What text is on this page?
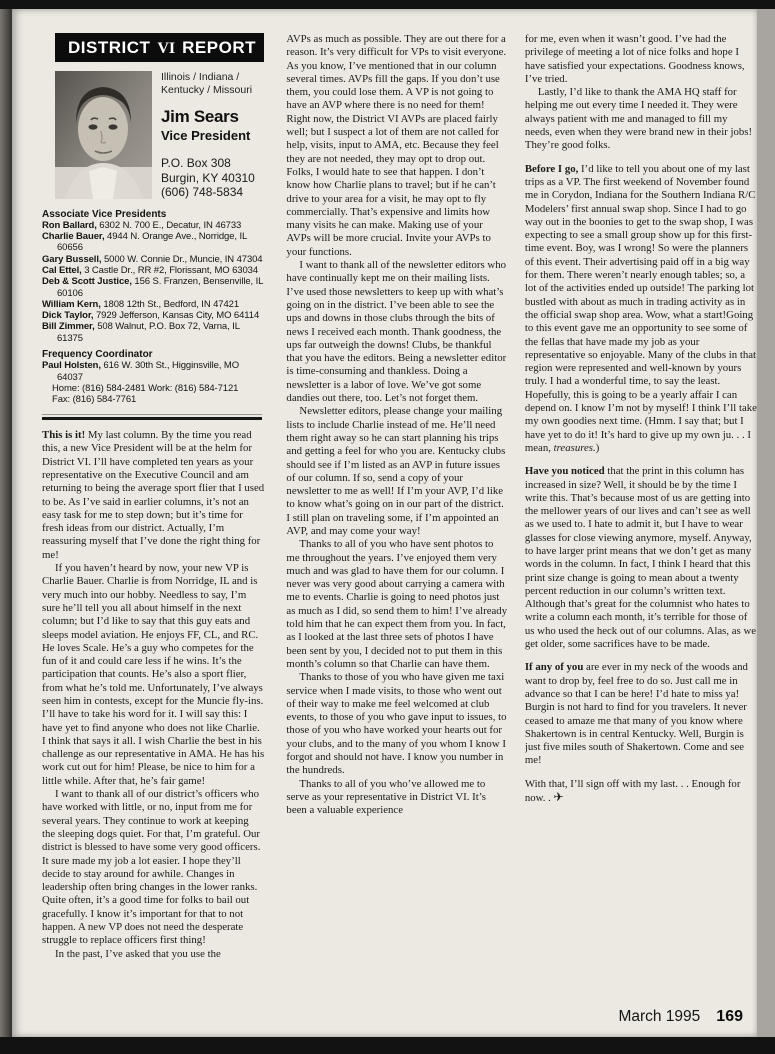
DISTRICT VI REPORT
Illinois / Indiana / Kentucky / Missouri
Jim Sears
Vice President
P.O. Box 308
Burgin, KY 40310
(606) 748-5834
Associate Vice Presidents
Ron Ballard, 6302 N. 700 E., Decatur, IN 46733
Charlie Bauer, 4944 N. Orange Ave., Norridge, IL 60656
Gary Bussell, 5000 W. Connie Dr., Muncie, IN 47304
Cal Ettel, 3 Castle Dr., RR #2, Florissant, MO 63034
Deb & Scott Justice, 156 S. Franzen, Bensenville, IL 60106
William Kern, 1808 12th St., Bedford, IN 47421
Dick Taylor, 7929 Jefferson, Kansas City, MO 64114
Bill Zimmer, 508 Walnut, P.O. Box 72, Varna, IL 61375
Frequency Coordinator
Paul Holsten, 616 W. 30th St., Higginsville, MO 64037
Home: (816) 584-2481 Work: (816) 584-7121
Fax: (816) 584-7761

This is it! My last column. By the time you read this, a new Vice President will be at the helm for District VI. I’ll have completed ten years as your representative on the Executive Council and am returning to being the average sport flier that I used to be. As I’ve said in earlier columns, it’s not an easy task for me to step down; but it’s time for fresh ideas from our district. Actually, I’m reassuring myself that I’ve done the right thing for me!

If you haven’t heard by now, your new VP is Charlie Bauer. Charlie is from Norridge, IL and is very much into our hobby. Needless to say, I’m sure he’ll tell you all about himself in the next column; but I’d like to say that this guy eats and sleeps model aviation. He enjoys FF, CL, and RC. He loves Scale. He’s a guy who competes for the fun of it and could care less if he wins. It’s the participation that counts. He’s also a sport flier, from what he’s told me. Unfortunately, I’ve always seen him in contests, except for the Muncie fly-ins. I’ll have to take his word for it. I will say this: I have yet to find anyone who does not like Charlie. I think that says it all. I wish Charlie the best in his challenge as our representative in AMA. He has his work cut out for him! Please, be nice to him for a little while. After that, he’s fair game!

I want to thank all of our district’s officers who have worked with little, or no, input from me for several years. They continue to work at keeping the sleeping dogs quiet. For that, I’m grateful. Our district is blessed to have some very good officers. It sure made my job a lot easier. I hope they’ll decide to stay around for awhile. Changes in leadership often bring changes in the lower ranks. Quite often, it’s a good time for folks to bail out gracefully. I know it’s important for that to not happen. A new VP does not need the desperate struggle to replace officers first thing!

In the past, I’ve asked that you use the

AVPs as much as possible. They are out there for a reason. It’s very difficult for VPs to visit everyone. As you know, I’ve mentioned that in our column several times. AVPs fill the gaps. If you don’t use them, you could lose them. A VP is not going to have an AVP where there is no need for them! Right now, the District VI AVPs are placed fairly well; but I suspect a lot of them are not called for help, visits, input to AMA, etc. Because they feel they are not needed, they may opt to drop out. Folks, I would hate to see that happen. I don’t know how Charlie plans to travel; but if he can’t drive to your area for a visit, he may opt to fly commercially. That’s expensive and limits how many visits he can make. Making use of your AVPs will be more crucial. Invite your AVPs to your functions.

I want to thank all of the newsletter editors who have continually kept me on their mailing lists. I’ve used those newsletters to keep up with what’s going on in the district. I’ve been able to see the ups and downs in those clubs through the bits of news I received each month. Thank goodness, the ups far outweigh the downs! Clubs, be thankful that you have the editors. Being a newsletter editor is time-consuming and thankless. Doing a newsletter is a labor of love. We’ve got some dandies out there, too. Let’s not forget them.

Newsletter editors, please change your mailing lists to include Charlie instead of me. He’ll need them right away so he can start planning his trips and getting a feel for who you are. Kentucky clubs should see if I’m listed as an AVP in future issues of our column. If so, send a copy of your newsletter to me as well! If I’m your AVP, I’d like to know what’s going on in our part of the district. I still plan on traveling some, if I’m appointed an AVP, and may come your way!

Thanks to all of you who have sent photos to me throughout the years. I’ve enjoyed them very much and was glad to have them for our column. I never was very good about carrying a camera with me to events. Charlie is going to need photos just as much as I did, so send them to him! I’ve already told him that he can expect them from you. In fact, as I looked at the last three sets of photos I have been sent by you, I decided not to put them in this month’s column so that Charlie can have them.

Thanks to those of you who have given me taxi service when I made visits, to those who went out of their way to make me feel welcomed at club events, to those of you who gave input to issues, to those of you who have worked your hearts out for your clubs, and to the many of you whom I know I forgot and should not have. I know you number in the hundreds.

Thanks to all of you who’ve allowed me to serve as your representative in District VI. It’s been a valuable experience

for me, even when it wasn’t good. I’ve had the privilege of meeting a lot of nice folks and hope I have satisfied your expectations. Goodness knows, I’ve tried.

Lastly, I’d like to thank the AMA HQ staff for helping me out every time I needed it. They were always patient with me and managed to fill my needs, even when they were brand new in their jobs! They’re good folks.

Before I go, I’d like to tell you about one of my last trips as a VP. The first weekend of November found me in Corydon, Indiana for the Southern Indiana R/C Modelers’ first annual swap shop. Since I had to go way out in the boonies to get to the swap shop, I was expecting to see a small group show up for this first-time event. Boy, was I wrong! So were the planners of this event. Their advertising paid off in a big way for them. There weren’t nearly enough tables; so, a lot of the activities ended up outside! The parking lot bustled with about as much in trading activity as in the official swap shop area. Wow, what a start!Going to this event gave me an opportunity to see some of the fellas that have made my job as your representative so enjoyable. Many of the clubs in that region were represented and well-known by yours truly. I had a wonderful time, to say the least. Hopefully, this is going to be a yearly affair I can depend on. I know I’m not by myself! I think I’ll take my own goodies next time. (Hmm. I say that; but I have yet to do it! It’s hard to give up my own ju. . . I mean, treasures.)

Have you noticed that the print in this column has increased in size? Well, it should be by the time I write this. That’s because most of us are getting into the mellower years of our lives and can’t see as well as we used to. I hate to admit it, but I have to wear glasses for close viewing anymore, myself. Anyway, to have larger print means that we don’t get as many words in the column. In fact, I think I heard that this print size change is going to mean about a twenty percent reduction in our column’s written text. Although that’s great for the columnist who hates to write a column each month, it’s terrible for those of us who used the heck out of our columns. Alas, as we get older, some sacrifices have to be made.

If any of you are ever in my neck of the woods and want to drop by, feel free to do so. Just call me in advance so that I can be here! I’d hate to miss ya! Burgin is not hard to find for you travelers. It never ceased to amaze me that many of you know where Shakertown is in central Kentucky. Well, Burgin is just five miles south of Shakertown. Come and see me!

With that, I’ll sign off with my last. . . Enough for now. . ✈

March 1995 169
